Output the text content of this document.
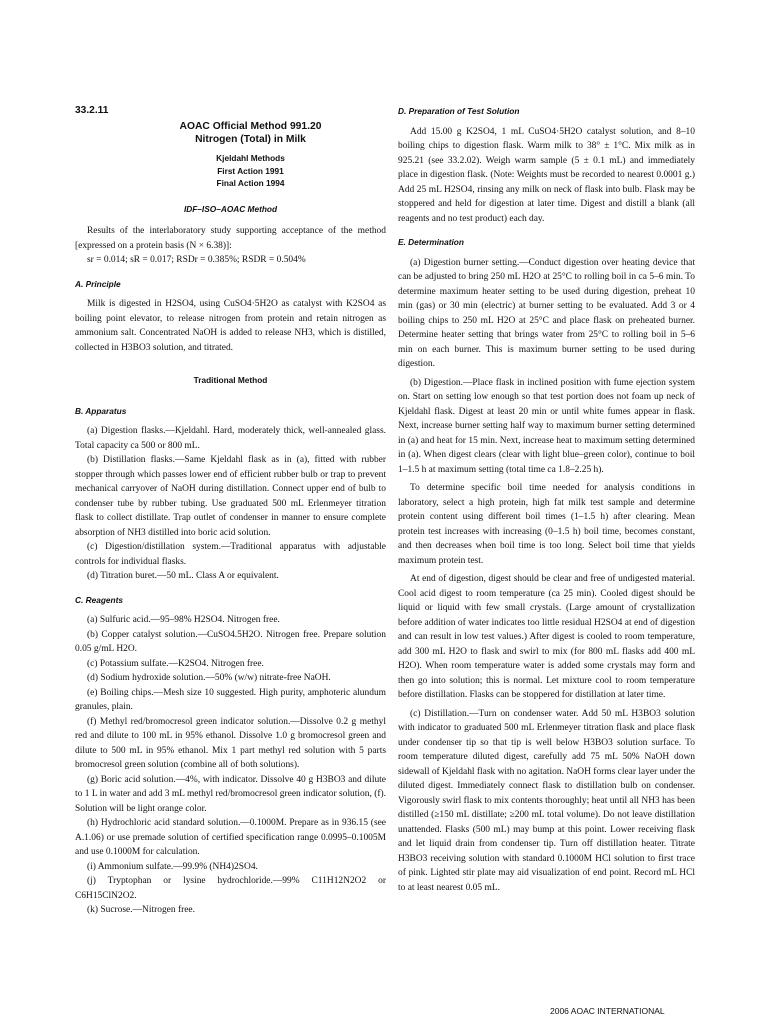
33.2.11
AOAC Official Method 991.20
Nitrogen (Total) in Milk
Kjeldahl Methods
First Action 1991
Final Action 1994
IDF–ISO–AOAC Method

Results of the interlaboratory study supporting acceptance of the method [expressed on a protein basis (N × 6.38)]:

sr = 0.014; sR = 0.017; RSDr = 0.385%; RSDR = 0.504%

A. Principle

Milk is digested in H2SO4, using CuSO4·5H2O as catalyst with K2SO4 as boiling point elevator, to release nitrogen from protein and retain nitrogen as ammonium salt. Concentrated NaOH is added to release NH3, which is distilled, collected in H3BO3 solution, and titrated.

Traditional Method
B. Apparatus

(a) Digestion flasks.—Kjeldahl. Hard, moderately thick, well-annealed glass. Total capacity ca 500 or 800 mL.

(b) Distillation flasks.—Same Kjeldahl flask as in (a), fitted with rubber stopper through which passes lower end of efficient rubber bulb or trap to prevent mechanical carryover of NaOH during distillation. Connect upper end of bulb to condenser tube by rubber tubing. Use graduated 500 mL Erlenmeyer titration flask to collect distillate. Trap outlet of condenser in manner to ensure complete absorption of NH3 distilled into boric acid solution.

(c) Digestion/distillation system.—Traditional apparatus with adjustable controls for individual flasks.

(d) Titration buret.—50 mL. Class A or equivalent.

C. Reagents

(a) Sulfuric acid.—95–98% H2SO4. Nitrogen free.

(b) Copper catalyst solution.—CuSO4.5H2O. Nitrogen free. Prepare solution 0.05 g/mL H2O.

(c) Potassium sulfate.—K2SO4. Nitrogen free.

(d) Sodium hydroxide solution.—50% (w/w) nitrate-free NaOH.

(e) Boiling chips.—Mesh size 10 suggested. High purity, amphoteric alundum granules, plain.

(f) Methyl red/bromocresol green indicator solution.—Dissolve 0.2 g methyl red and dilute to 100 mL in 95% ethanol. Dissolve 1.0 g bromocresol green and dilute to 500 mL in 95% ethanol. Mix 1 part methyl red solution with 5 parts bromocresol green solution (combine all of both solutions).

(g) Boric acid solution.—4%, with indicator. Dissolve 40 g H3BO3 and dilute to 1 L in water and add 3 mL methyl red/bromocresol green indicator solution, (f). Solution will be light orange color.

(h) Hydrochloric acid standard solution.—0.1000M. Prepare as in 936.15 (see A.1.06) or use premade solution of certified specification range 0.0995–0.1005M and use 0.1000M for calculation.

(i) Ammonium sulfate.—99.9% (NH4)2SO4.

(j) Tryptophan or lysine hydrochloride.—99% C11H12N2O2 or C6H15ClN2O2.

(k) Sucrose.—Nitrogen free.

D. Preparation of Test Solution

Add 15.00 g K2SO4, 1 mL CuSO4·5H2O catalyst solution, and 8–10 boiling chips to digestion flask. Warm milk to 38° ± 1°C. Mix milk as in 925.21 (see 33.2.02). Weigh warm sample (5 ± 0.1 mL) and immediately place in digestion flask. (Note: Weights must be recorded to nearest 0.0001 g.) Add 25 mL H2SO4, rinsing any milk on neck of flask into bulb. Flask may be stoppered and held for digestion at later time. Digest and distill a blank (all reagents and no test product) each day.

E. Determination

(a) Digestion burner setting.—Conduct digestion over heating device that can be adjusted to bring 250 mL H2O at 25°C to rolling boil in ca 5–6 min. To determine maximum heater setting to be used during digestion, preheat 10 min (gas) or 30 min (electric) at burner setting to be evaluated. Add 3 or 4 boiling chips to 250 mL H2O at 25°C and place flask on preheated burner. Determine heater setting that brings water from 25°C to rolling boil in 5–6 min on each burner. This is maximum burner setting to be used during digestion.

(b) Digestion.—Place flask in inclined position with fume ejection system on. Start on setting low enough so that test portion does not foam up neck of Kjeldahl flask. Digest at least 20 min or until white fumes appear in flask. Next, increase burner setting half way to maximum burner setting determined in (a) and heat for 15 min. Next, increase heat to maximum setting determined in (a). When digest clears (clear with light blue–green color), continue to boil 1–1.5 h at maximum setting (total time ca 1.8–2.25 h).

To determine specific boil time needed for analysis conditions in laboratory, select a high protein, high fat milk test sample and determine protein content using different boil times (1–1.5 h) after clearing. Mean protein test increases with increasing (0–1.5 h) boil time, becomes constant, and then decreases when boil time is too long. Select boil time that yields maximum protein test.

At end of digestion, digest should be clear and free of undigested material. Cool acid digest to room temperature (ca 25 min). Cooled digest should be liquid or liquid with few small crystals. (Large amount of crystallization before addition of water indicates too little residual H2SO4 at end of digestion and can result in low test values.) After digest is cooled to room temperature, add 300 mL H2O to flask and swirl to mix (for 800 mL flasks add 400 mL H2O). When room temperature water is added some crystals may form and then go into solution; this is normal. Let mixture cool to room temperature before distillation. Flasks can be stoppered for distillation at later time.

(c) Distillation.—Turn on condenser water. Add 50 mL H3BO3 solution with indicator to graduated 500 mL Erlenmeyer titration flask and place flask under condenser tip so that tip is well below H3BO3 solution surface. To room temperature diluted digest, carefully add 75 mL 50% NaOH down sidewall of Kjeldahl flask with no agitation. NaOH forms clear layer under the diluted digest. Immediately connect flask to distillation bulb on condenser. Vigorously swirl flask to mix contents thoroughly; heat until all NH3 has been distilled (≥150 mL distillate; ≥200 mL total volume). Do not leave distillation unattended. Flasks (500 mL) may bump at this point. Lower receiving flask and let liquid drain from condenser tip. Turn off distillation heater. Titrate H3BO3 receiving solution with standard 0.1000M HCl solution to first trace of pink. Lighted stir plate may aid visualization of end point. Record mL HCl to at least nearest 0.05 mL.

2006 AOAC INTERNATIONAL
